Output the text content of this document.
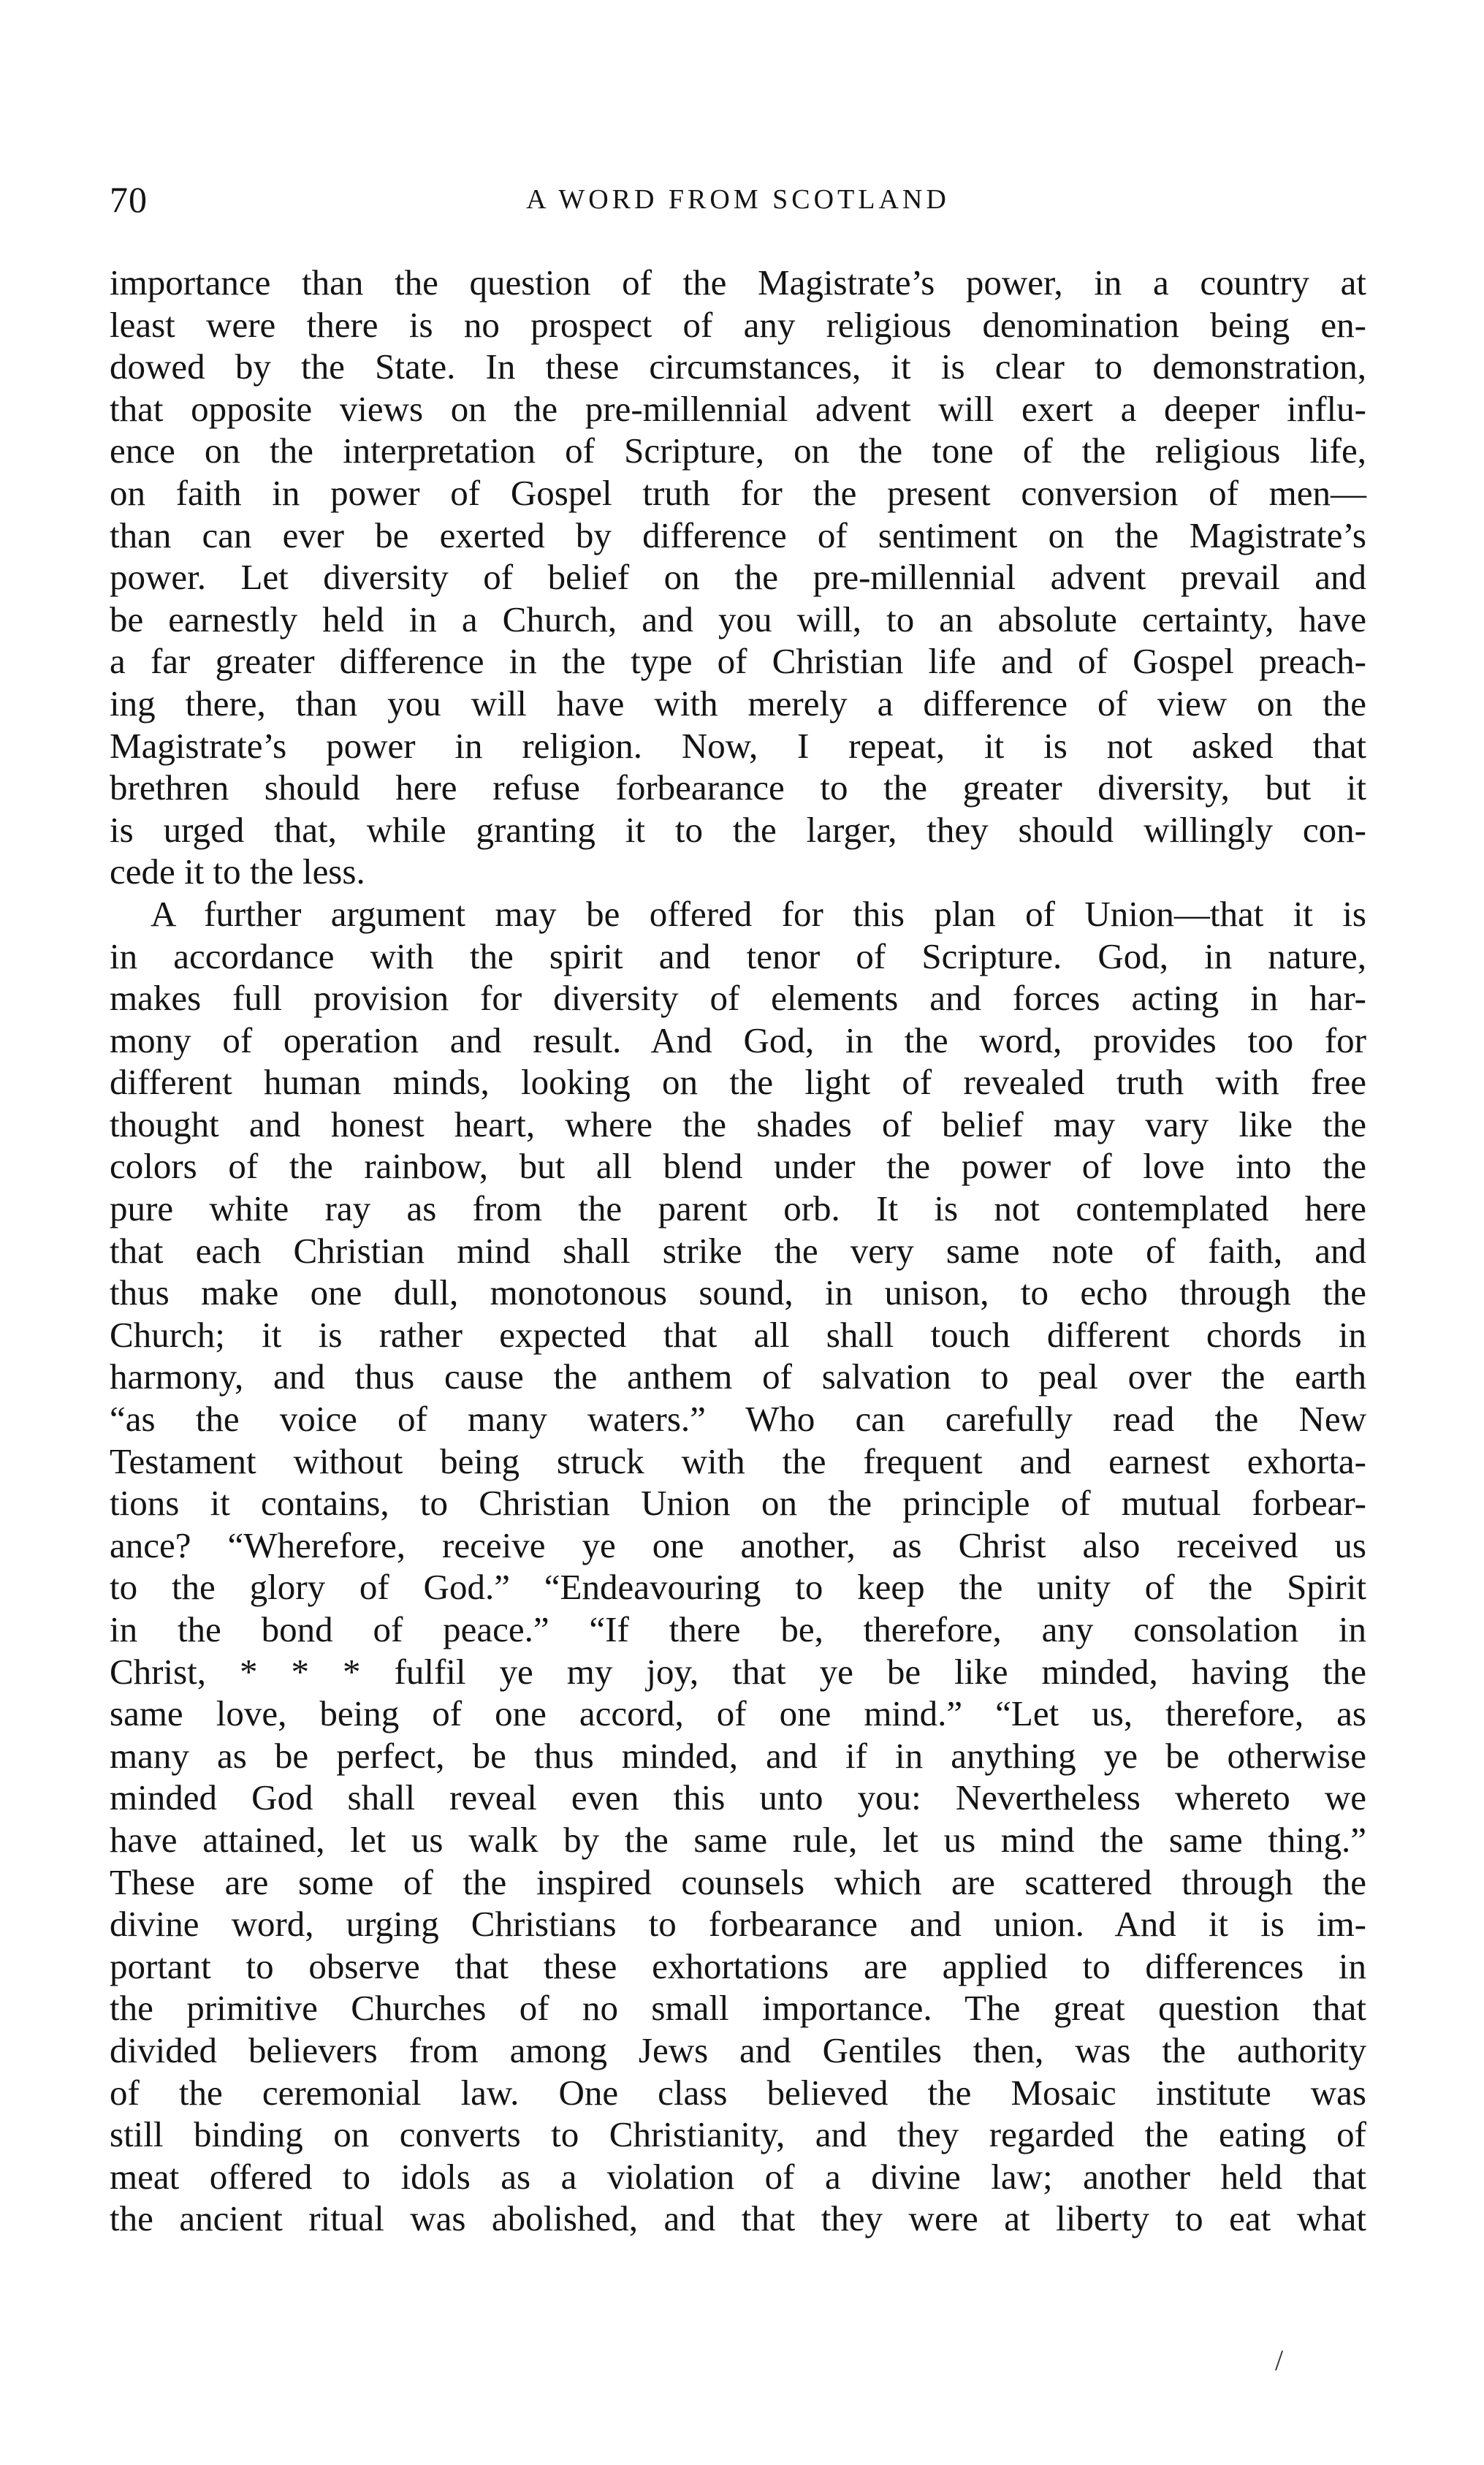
70	A WORD FROM SCOTLAND
importance than the question of the Magistrate’s power, in a country at
least were there is no prospect of any religious denomination being en-
dowed by the State. In these circumstances, it is clear to demonstration,
that opposite views on the pre-millennial advent will exert a deeper influ-
ence on the interpretation of Scripture, on the tone of the religious life,
on faith in power of Gospel truth for the present conversion of men—
than can ever be exerted by difference of sentiment on the Magistrate’s
power. Let diversity of belief on the pre-millennial advent prevail and
be earnestly held in a Church, and you will, to an absolute certainty, have
a far greater difference in the type of Christian life and of Gospel preach-
ing there, than you will have with merely a difference of view on the
Magistrate’s power in religion. Now, I repeat, it is not asked that
brethren should here refuse forbearance to the greater diversity, but it
is urged that, while granting it to the larger, they should willingly con-
cede it to the less.
A further argument may be offered for this plan of Union—that it is
in accordance with the spirit and tenor of Scripture. God, in nature,
makes full provision for diversity of elements and forces acting in har-
mony of operation and result. And God, in the word, provides too for
different human minds, looking on the light of revealed truth with free
thought and honest heart, where the shades of belief may vary like the
colors of the rainbow, but all blend under the power of love into the
pure white ray as from the parent orb. It is not contemplated here
that each Christian mind shall strike the very same note of faith, and
thus make one dull, monotonous sound, in unison, to echo through the
Church; it is rather expected that all shall touch different chords in
harmony, and thus cause the anthem of salvation to peal over the earth
“as the voice of many waters.” Who can carefully read the New
Testament without being struck with the frequent and earnest exhorta-
tions it contains, to Christian Union on the principle of mutual forbear-
ance? “Wherefore, receive ye one another, as Christ also received us
to the glory of God.” “Endeavouring to keep the unity of the Spirit
in the bond of peace.” “If there be, therefore, any consolation in
Christ, * * * fulfil ye my joy, that ye be like minded, having the
same love, being of one accord, of one mind.” “Let us, therefore, as
many as be perfect, be thus minded, and if in anything ye be otherwise
minded God shall reveal even this unto you: Nevertheless whereto we
have attained, let us walk by the same rule, let us mind the same thing.”
These are some of the inspired counsels which are scattered through the
divine word, urging Christians to forbearance and union. And it is im-
portant to observe that these exhortations are applied to differences in
the primitive Churches of no small importance. The great question that
divided believers from among Jews and Gentiles then, was the authority
of the ceremonial law. One class believed the Mosaic institute was
still binding on converts to Christianity, and they regarded the eating of
meat offered to idols as a violation of a divine law; another held that
the ancient ritual was abolished, and that they were at liberty to eat what
/
